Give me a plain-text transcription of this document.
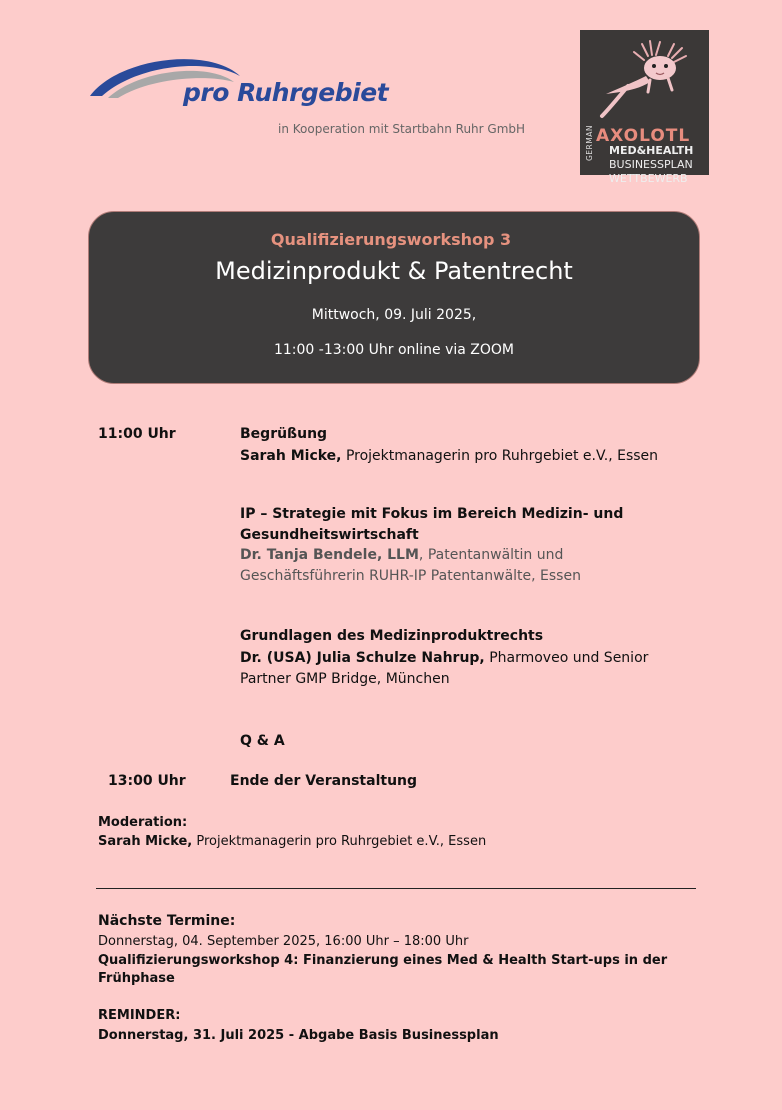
pro Ruhrgebiet
in Kooperation mit Startbahn Ruhr GmbH	AXOLOTL
GERMAN MED&HEALTH
BUSINESSPLAN
WETTBEWERB
Qualifizierungsworkshop 3
Medizinprodukt & Patentrecht
Mittwoch, 09. Juli 2025,
11:00 -13:00 Uhr online via ZOOM
11:00 Uhr	Begrüßung
Sarah Micke, Projektmanagerin pro Ruhrgebiet e.V., Essen
IP – Strategie mit Fokus im Bereich Medizin- und
Gesundheitswirtschaft
Dr. Tanja Bendele, LLM, Patentanwältin und
Geschäftsführerin RUHR-IP Patentanwälte, Essen
Grundlagen des Medizinproduktrechts
Dr. (USA) Julia Schulze Nahrup, Pharmoveo und Senior
Partner GMP Bridge, München
Q & A
13:00 Uhr	Ende der Veranstaltung
Moderation:
Sarah Micke, Projektmanagerin pro Ruhrgebiet e.V., Essen
Nächste Termine:
Donnerstag, 04. September 2025, 16:00 Uhr – 18:00 Uhr
Qualifizierungsworkshop 4: Finanzierung eines Med & Health Start-ups in der
Frühphase
REMINDER:
Donnerstag, 31. Juli 2025 - Abgabe Basis Businessplan
